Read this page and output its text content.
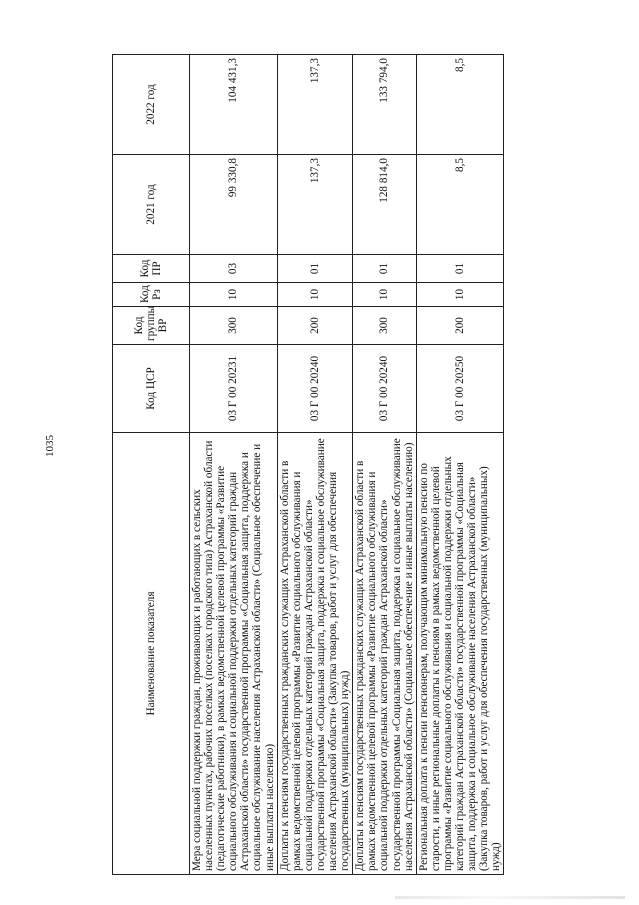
1035
Наименование показателя	Код ЦСР	Код группы ВР	Код Рз	Код ПР	2021 год	2022 год
Мера социальной поддержки граждан, проживающих и работающих в сельских населенных пунктах, рабочих поселках (поселках городского типа) Астраханской области (педагогические работники), в рамках ведомственной целевой программы «Развитие социального обслуживания и социальной поддержки отдельных категорий граждан Астраханской области» государственной программы «Социальная защита, поддержка и социальное обслуживание населения Астраханской области» (Социальное обеспечение и иные выплаты населению)	03 Г 00 20231	300	10	03	99 330,8	104 431,3
Доплаты к пенсиям государственных гражданских служащих Астраханской области в рамках ведомственной целевой программы «Развитие социального обслуживания и социальной поддержки отдельных категорий граждан Астраханской области» государственной программы «Социальная защита, поддержка и социальное обслуживание населения Астраханской области» (Закупка товаров, работ и услуг для обеспечения государственных (муниципальных) нужд)	03 Г 00 20240	200	10	01	137,3	137,3
Доплаты к пенсиям государственных гражданских служащих Астраханской области в рамках ведомственной целевой программы «Развитие социального обслуживания и социальной поддержки отдельных категорий граждан Астраханской области» государственной программы «Социальная защита, поддержка и социальное обслуживание населения Астраханской области» (Социальное обеспечение и иные выплаты населению)	03 Г 00 20240	300	10	01	128 814,0	133 794,0
Региональная доплата к пенсии пенсионерам, получающим минимальную пенсию по старости, и иные региональные доплаты к пенсиям в рамках ведомственной целевой программы «Развитие социального обслуживания и социальной поддержки отдельных категорий граждан Астраханской области» государственной программы «Социальная защита, поддержка и социальное обслуживание населения Астраханской области» (Закупка товаров, работ и услуг для обеспечения государственных (муниципальных) нужд)	03 Г 00 20250	200	10	01	8,5	8,5
